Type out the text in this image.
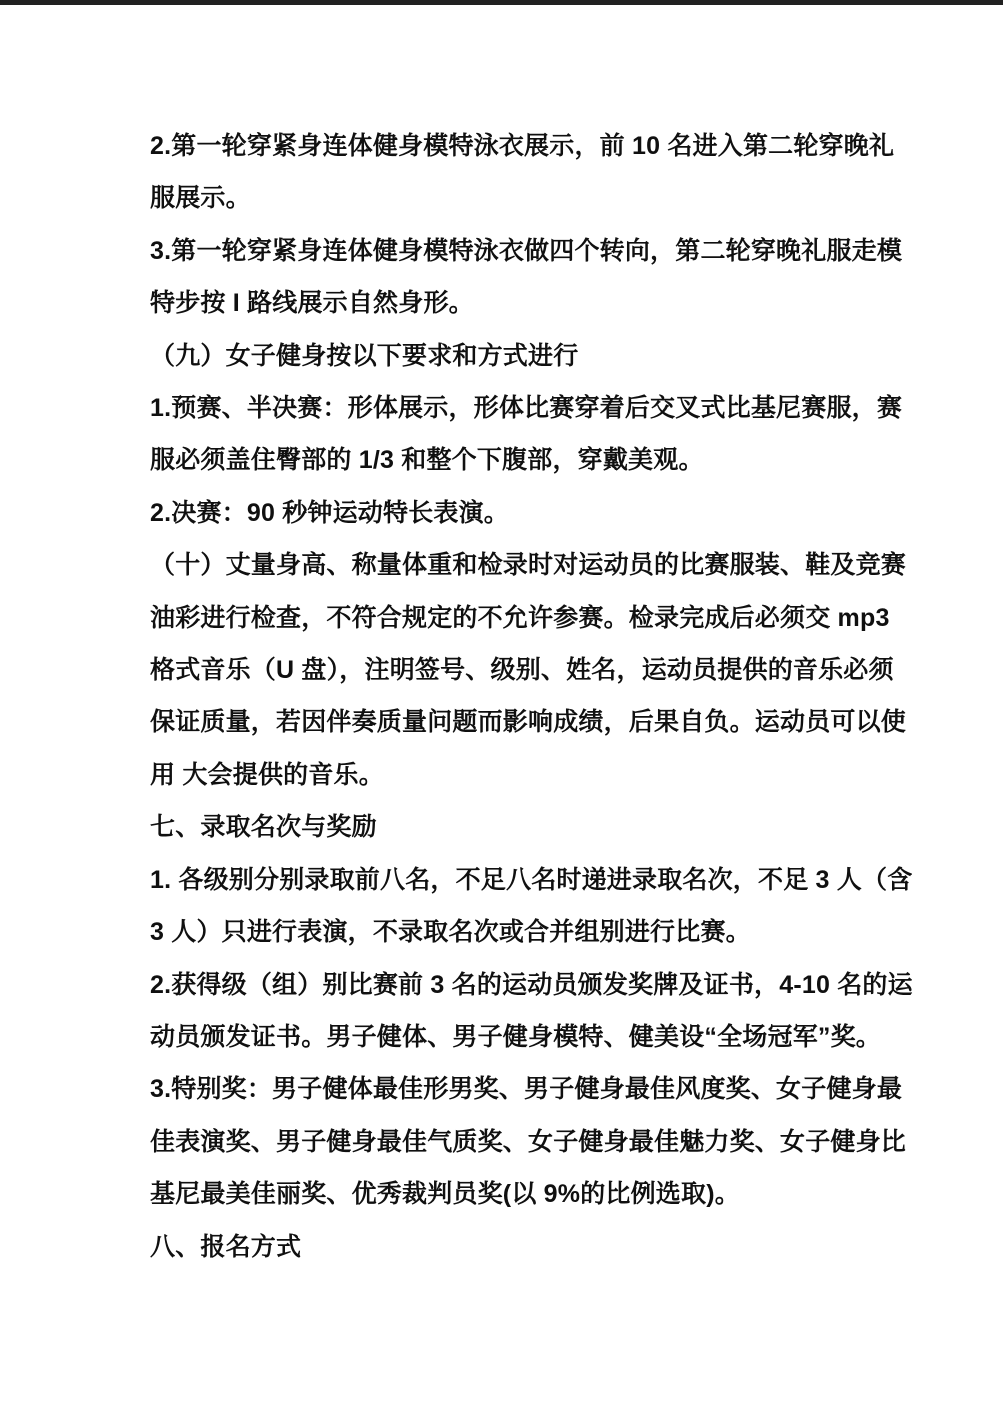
2.第一轮穿紧身连体健身模特泳衣展示，前 10 名进入第二轮穿晚礼

服展示。

3.第一轮穿紧身连体健身模特泳衣做四个转向，第二轮穿晚礼服走模

特步按 I 路线展示自然身形。

（九）女子健身按以下要求和方式进行

1.预赛、半决赛：形体展示，形体比赛穿着后交叉式比基尼赛服，赛

服必须盖住臀部的 1/3 和整个下腹部，穿戴美观。

2.决赛：90 秒钟运动特长表演。

（十）丈量身高、称量体重和检录时对运动员的比赛服装、鞋及竞赛

油彩进行检查，不符合规定的不允许参赛。检录完成后必须交 mp3

格式音乐（U 盘），注明签号、级别、姓名，运动员提供的音乐必须

保证质量，若因伴奏质量问题而影响成绩，后果自负。运动员可以使

用 大会提供的音乐。

七、录取名次与奖励

1. 各级别分别录取前八名，不足八名时递进录取名次，不足 3 人（含

3 人）只进行表演，不录取名次或合并组别进行比赛。

2.获得级（组）别比赛前 3 名的运动员颁发奖牌及证书，4-10 名的运

动员颁发证书。男子健体、男子健身模特、健美设“全场冠军”奖。

3.特别奖：男子健体最佳形男奖、男子健身最佳风度奖、女子健身最

佳表演奖、男子健身最佳气质奖、女子健身最佳魅力奖、女子健身比

基尼最美佳丽奖、优秀裁判员奖(以 9%的比例选取)。

八、报名方式
